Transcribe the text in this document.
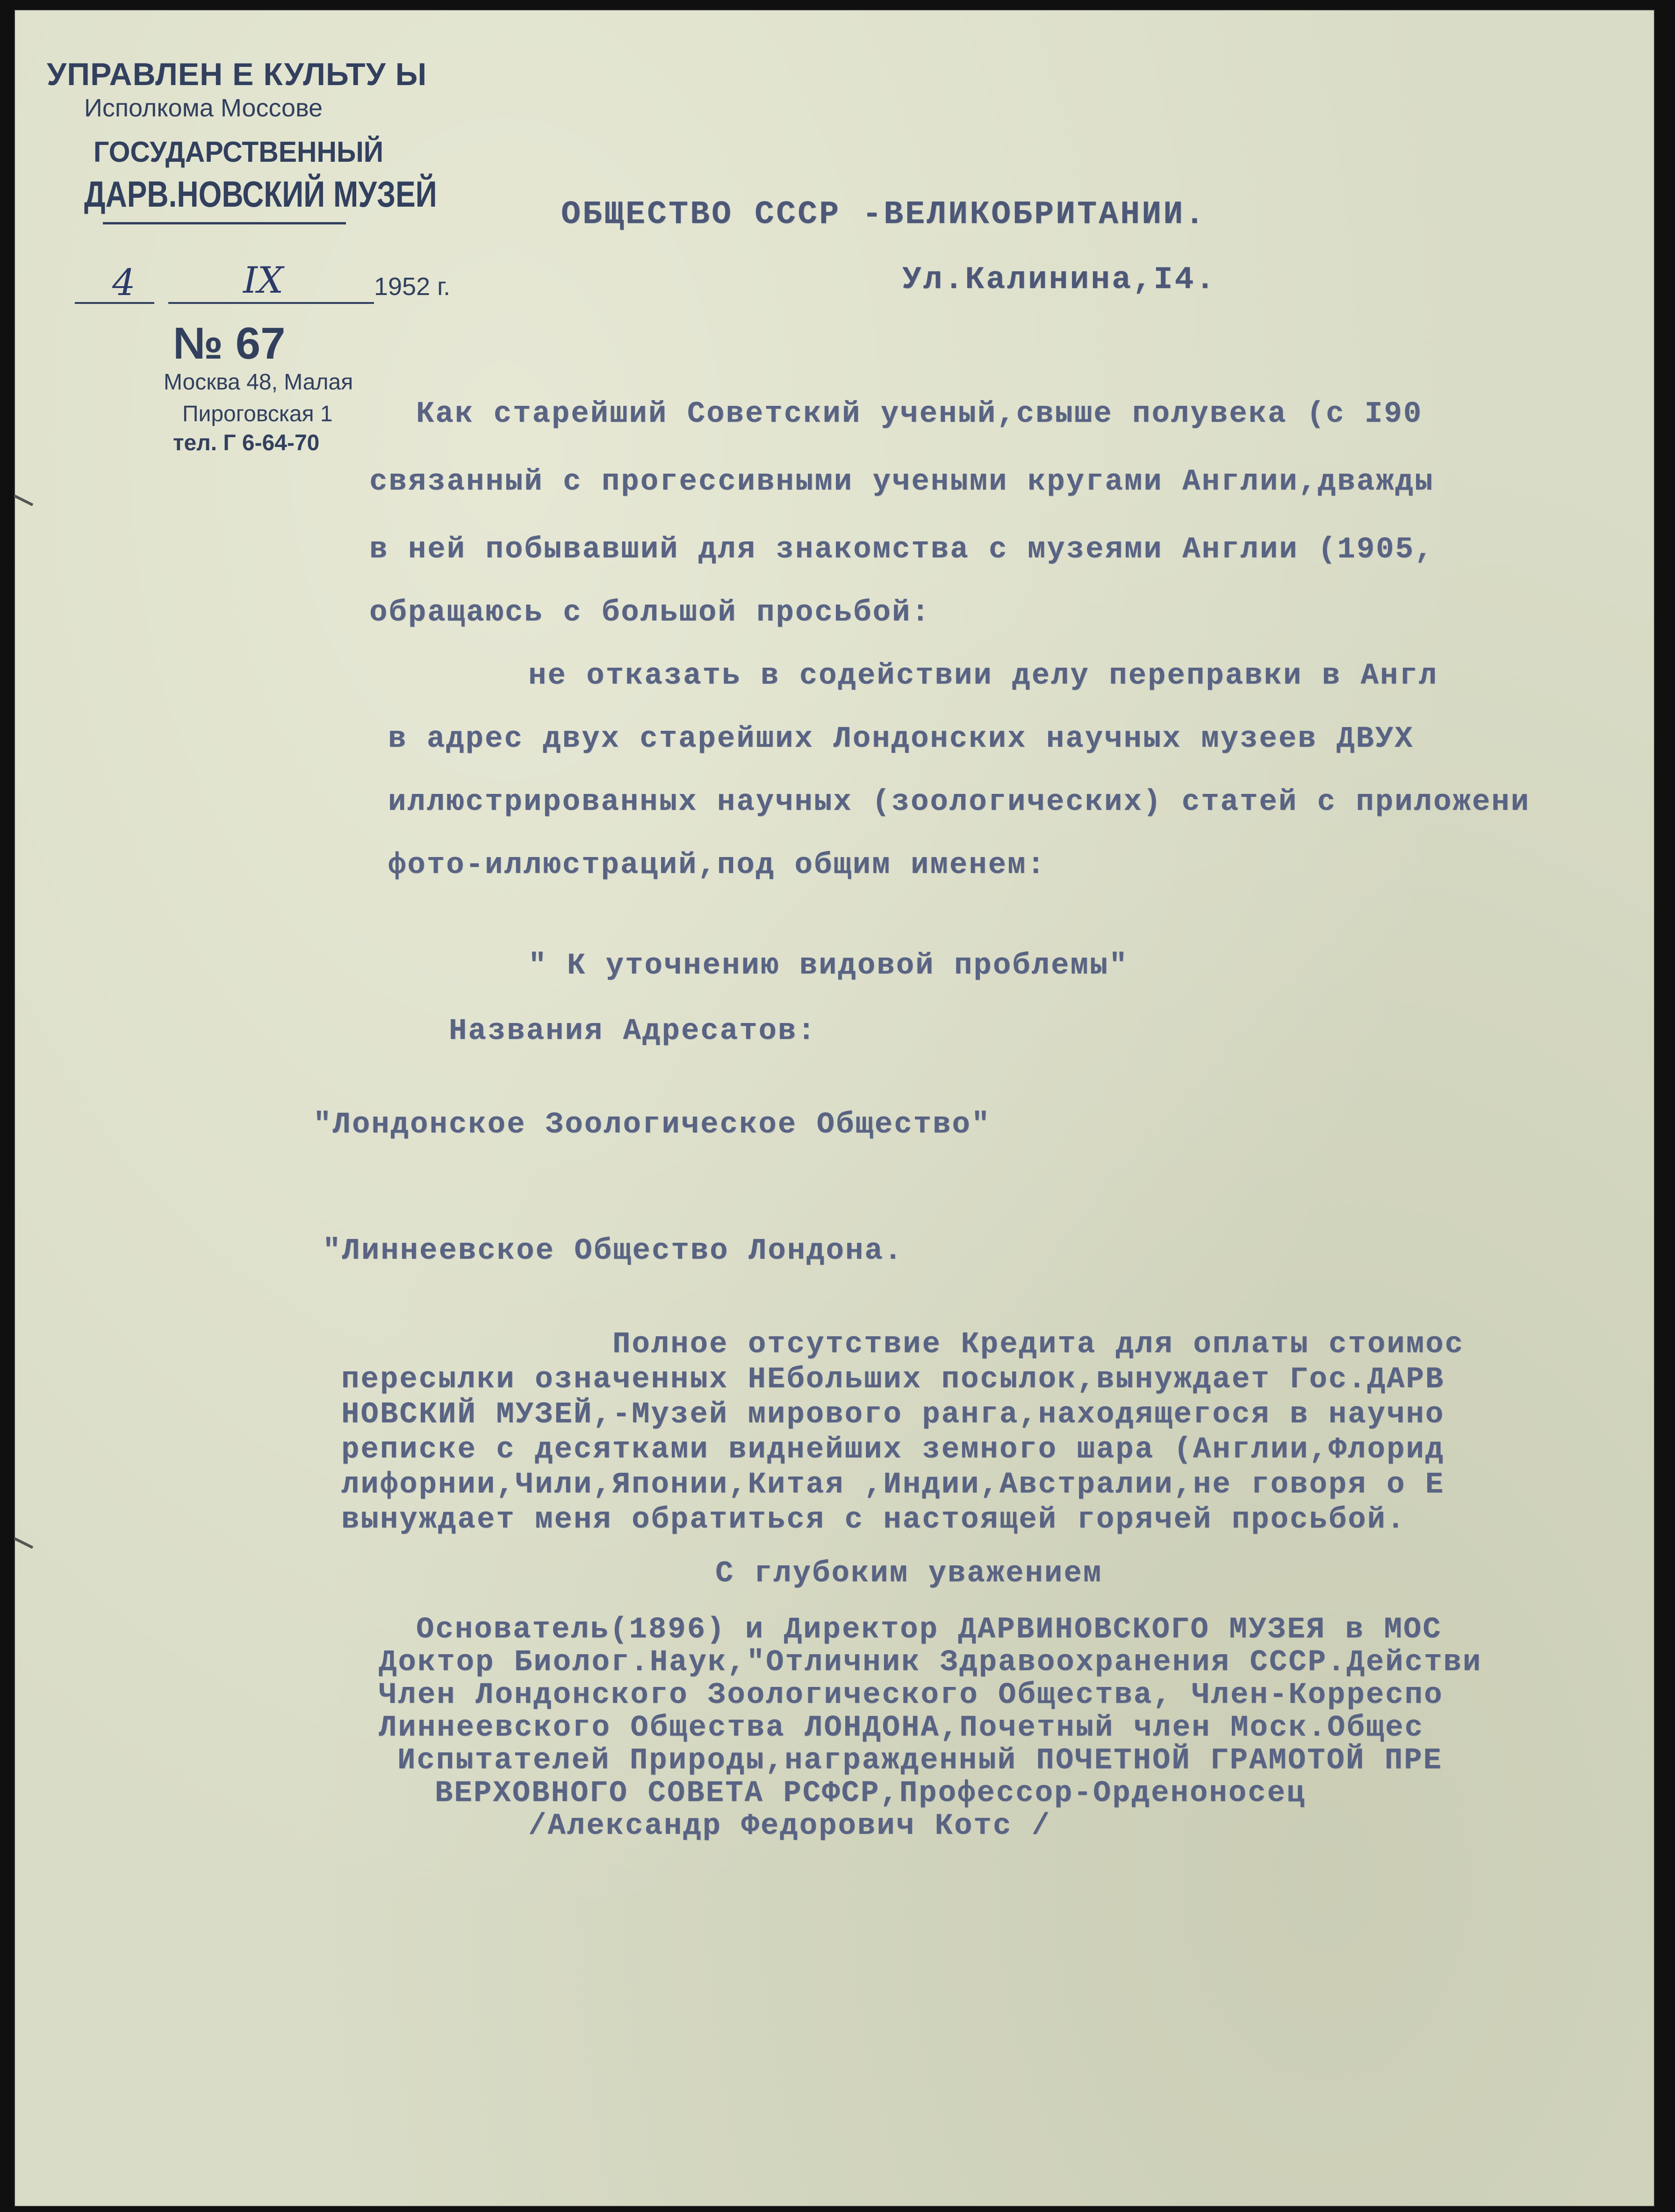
УПРАВЛЕН Е КУЛЬТУ Ы
Исполкома Моссове
ГОСУДАРСТВЕННЫЙ
ДАРВ.НОВСКИЙ МУЗЕЙ
4	IX	1952 г.
№ 67
Москва 48, Малая
Пироговская 1
тел. Г 6-64-70
ОБЩЕСТВО СССР -ВЕЛИКОБРИТАНИИ.
Ул.Калинина,I4.
Как старейший Советский ученый,свыше полувека (с I90
связанный с прогессивными учеными кругами Англии,дважды
в ней побывавший для знакомства с музеями Англии (1905,
обращаюсь с большой просьбой:
не отказать в содействии делу переправки в Англ
в адрес двух старейших Лондонских научных музеев ДВУХ
иллюстрированных научных (зоологических) статей с приложени
фото-иллюстраций,под общим именем:
" К уточнению видовой проблемы"
Названия Адресатов:
"Лондонское Зоологическое Общество"
"Линнеевское Общество Лондона.
Полное отсутствие Кредита для оплаты стоимос
пересылки означенных НЕбольших посылок,вынуждает Гос.ДАРВ
НОВСКИЙ МУЗЕЙ,-Музей мирового ранга,находящегося в научно
реписке с десятками виднейших земного шара (Англии,Флорид
лифорнии,Чили,Японии,Китая ,Индии,Австралии,не говоря о Е
вынуждает меня обратиться с настоящей горячей просьбой.
С глубоким уважением
Основатель(1896) и Директор ДАРВИНОВСКОГО МУЗЕЯ в МОС
Доктор Биолог.Наук,"Отличник Здравоохранения СССР.Действи
Член Лондонского Зоологического Общества, Член-Корреспо
Линнеевского Общества ЛОНДОНА,Почетный член Моск.Общес
Испытателей Природы,награжденный ПОЧЕТНОЙ ГРАМОТОЙ ПРЕ
ВЕРХОВНОГО СОВЕТА РСФСР,Профессор-Орденоносец
/Александр Федорович Котс /
